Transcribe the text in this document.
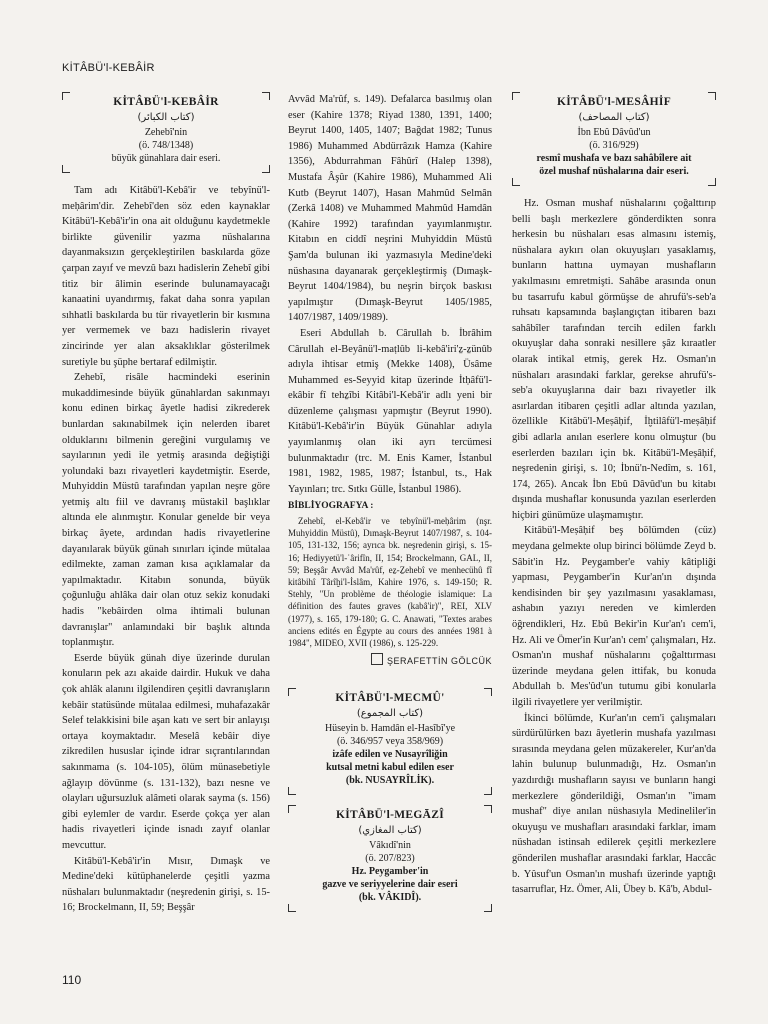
KİTÂBÜ'l-KEBÂİR
KİTÂBÜ'l-KEBÂİR
(كتاب الكبائر)
Zehebî'nin
(ö. 748/1348)
büyük günahlara dair eseri.

Tam adı Kitâbü'l-Kebâ'ir ve tebyînü'l-meḥârim'dir. Zehebî'den söz eden kaynaklar Kitâbü'l-Kebâ'ir'in ona ait olduğunu kaydetmekle birlikte güvenilir yazma nüshalarına dayanmaksızın gerçekleştirilen baskılarda göze çarpan zayıf ve mevzû bazı hadislerin Zehebî gibi titiz bir âlimin eserinde bulunamayacağı kanaatini uyandırmış, fakat daha sonra yapılan sıhhatli baskılarda bu tür rivayetlerin bir kısmına yer vermemek ve bazı hadislerin rivayet zincirinde yer alan aksaklıklar gösterilmek suretiyle bu şüphe bertaraf edilmiştir.

Zehebî, risâle hacmindeki eserinin mukaddimesinde büyük günahlardan sakınmayı konu edinen birkaç âyetle hadisi zikrederek bunlardan sakınabilmek için nelerden ibaret olduklarını bilmenin gereğini vurgulamış ve sayılarının yedi ile yetmiş arasında değiştiği yolundaki bazı rivayetleri kaydetmiştir. Eserde, Muhyiddin Müstû tarafından yapılan neşre göre yetmiş altı fiil ve davranış müstakil başlıklar altında ele alınmıştır. Konular genelde bir veya birkaç âyete, ardından hadis rivayetlerine dayanılarak büyük günah sınırları içinde mütalaa edilmekte, zaman zaman kısa açıklamalar da yapılmaktadır. Kitabın sonunda, büyük çoğunluğu ahlâka dair olan otuz sekiz konudaki hadis "kebâirden olma ihtimali bulunan davranışlar" anlamındaki bir başlık altında toplanmıştır.

Eserde büyük günah diye üzerinde durulan konuların pek azı akaide dairdir. Hukuk ve daha çok ahlâk alanını ilgilendiren çeşitli davranışların kebâir statüsünde mütalaa edilmesi, muhafazakâr Selef telakkisini bile aşan katı ve sert bir anlayışı ortaya koymaktadır. Meselâ kebâir diye zikredilen hususlar içinde idrar sıçrantılarından sakınmama (s. 104-105), ölüm münasebetiyle ağlayıp dövünme (s. 131-132), bazı nesne ve olayları uğursuzluk alâmeti olarak sayma (s. 156) gibi eylemler de vardır. Eserde çokça yer alan hadis rivayetleri içinde isnadı zayıf olanlar mevcuttur.

Kitâbü'l-Kebâ'ir'in Mısır, Dımaşk ve Medine'deki kütüphanelerde çeşitli yazma nüshaları bulunmaktadır (neşredenin girişi, s. 15-16; Brockelmann, II, 59; Beşşâr

Avvâd Ma'rûf, s. 149). Defalarca basılmış olan eser (Kahire 1378; Riyad 1380, 1391, 1400; Beyrut 1400, 1405, 1407; Bağdat 1982; Tunus 1986) Muhammed Abdürrâzık Hamza (Kahire 1356), Abdurrahman Fâhûrî (Halep 1398), Mustafa Âşûr (Kahire 1986), Muhammed Ali Kutb (Beyrut 1407), Hasan Mahmûd Selmân (Zerkâ 1408) ve Muhammed Mahmûd Hamdân (Kahire 1992) tarafından yayımlanmıştır. Kitabın en ciddî neşrini Muhyiddin Müstû Şam'da bulunan iki yazmasıyla Medine'deki nüshasına dayanarak gerçekleştirmiş (Dımaşk-Beyrut 1404/1984), bu neşrin birçok baskısı yapılmıştır (Dımaşk-Beyrut 1405/1985, 1407/1987, 1409/1989).

Eseri Abdullah b. Cârullah b. İbrâhim Cârullah el-Beyânü'l-maṭlûb li-kebâ'iri'ẕ-ẕünûb adıyla ihtisar etmiş (Mekke 1408), Üsâme Muhammed es-Seyyid kitap üzerinde İtḥâfü'l-ekâbir fî tehẕîbi Kitâbi'l-Kebâ'ir adlı yeni bir düzenleme çalışması yapmıştır (Beyrut 1990). Kitâbü'l-Kebâ'ir'in Büyük Günahlar adıyla yayımlanmış olan iki ayrı tercümesi bulunmaktadır (trc. M. Enis Kamer, İstanbul 1981, 1982, 1985, 1987; İstanbul, ts., Hak Yayınları; trc. Sıtkı Güllе, İstanbul 1986).

BİBLİYOGRAFYA :
Zehebî, el-Kebâ'ir ve tebyînü'l-meḥârim (nşr. Muhyiddin Müstû), Dımaşk-Beyrut 1407/1987, s. 104-105, 131-132, 156; ayrıca bk. neşredenin girişi, s. 15-16; Hediyyetü'l-ʿârifîn, II, 154; Brockelmann, GAL, II, 59; Beşşâr Avvâd Ma'rûf, eẕ-Ẕehebî ve menhecühû fî kitâbihî Târîḫi'l-İslâm, Kahire 1976, s. 149-150; R. Stehly, "Un problème de théologie islamique: La définition des fautes graves (kabâ'ir)", REI, XLV (1977), s. 165, 179-180; G. C. Anawati, "Textes arabes anciens edités en Égypte au cours des années 1981 à 1984", MIDEO, XVII (1986), s. 125-229.
ŞERAFETTİN GÖLCÜK
KİTÂBÜ'l-MECMÛ'
(كتاب المجموع)
Hüseyin b. Hamdân el-Hasîbî'ye
(ö. 346/957 veya 358/969)
izâfe edilen ve Nusayrîliğin
kutsal metni kabul edilen eser
(bk. NUSAYRÎLİK).
KİTÂBÜ'l-MEGĀZÎ
(كتاب المغازي)
Vâkıdî'nin
(ö. 207/823)
Hz. Peygamber'in
gazve ve seriyyelerine dair eseri
(bk. VÂKIDÎ).
KİTÂBÜ'l-MESÂHİF
(كتاب المصاحف)
İbn Ebû Dâvûd'un
(ö. 316/929)
resmî mushafa ve bazı sahâbîlere ait
özel mushaf nüshalarına dair eseri.

Hz. Osman mushaf nüshalarını çoğalttırıp belli başlı merkezlere gönderdikten sonra herkesin bu nüshaları esas almasını istemiş, nüshalara aykırı olan okuyuşları yasaklamış, bunların hattına uymayan mushafların yakılmasını emretmişti. Sahâbe arasında onun bu tasarrufu kabul görmüşse de ahrufü's-seb'a ruhsatı kapsamında başlangıçtan itibaren bazı sahâbîler tarafından tercih edilen farklı okuyuşlar daha sonraki nesillere şâz kıraatler olarak intikal etmiş, gerek Hz. Osman'ın nüshaları arasındaki farklar, gerekse ahrufü's-seb'a okuyuşlarına dair bazı rivayetler ilk asırlardan itibaren çeşitli adlar altında yazılan, özellikle Kitâbü'l-Meṣâḥif, İḫtilâfü'l-meṣâḥif gibi adlarla anılan eserlere konu olmuştur (bu eserlerden bazıları için bk. Kitâbü'l-Meṣâḥif, neşredenin girişi, s. 10; İbnü'n-Nedîm, s. 161, 174, 265). Ancak İbn Ebû Dâvûd'un bu kitabı dışında mushaflar konusunda yazılan eserlerden hiçbiri günümüze ulaşmamıştır.

Kitâbü'l-Meṣâḥif beş bölümden (cüz) meydana gelmekte olup birinci bölümde Zeyd b. Sâbit'in Hz. Peygamber'e vahiy kâtipliği yapması, Peygamber'in Kur'an'ın dışında kendisinden bir şey yazılmasını yasaklaması, ashabın yazıyı nereden ve kimlerden öğrendikleri, Hz. Ebû Bekir'in Kur'an'ı cem'i, Hz. Ali ve Ömer'in Kur'an'ı cem' çalışmaları, Hz. Osman'ın mushaf nüshalarını çoğalttırması üzerinde meydana gelen ittifak, bu konuda Abdullah b. Mes'ûd'un tutumu gibi konularla ilgili rivayetlere yer verilmiştir.

İkinci bölümde, Kur'an'ın cem'i çalışmaları sürdürülürken bazı âyetlerin mushafa yazılması sırasında meydana gelen müzakereler, Kur'an'da lahin bulunup bulunmadığı, Hz. Osman'ın yazdırdığı mushafların sayısı ve bunların hangi merkezlere gönderildiği, Osman'ın "imam mushaf" diye anılan nüshasıyla Medineliler'in okuyuşu ve mushafları arasındaki farklar, imam nüshadan istinsah edilerek çeşitli merkezlere gönderilen mushaflar arasındaki farklar, Haccâc b. Yûsuf'un Osman'ın mushafı üzerinde yaptığı tasarruflar, Hz. Ömer, Ali, Übey b. Kâ'b, Abdul-

110
